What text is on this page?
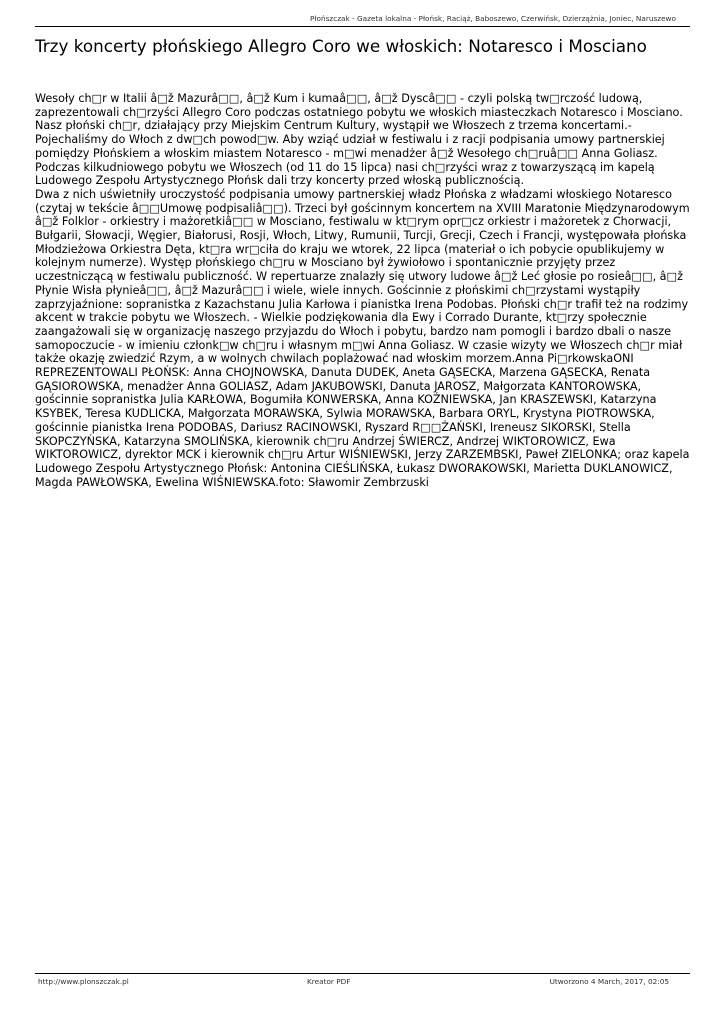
Płońszczak - Gazeta lokalna - Płońsk, Raciąż, Baboszewo, Czerwińsk, Dzierzążnia, Joniec, Naruszewo
Trzy koncerty płońskiego Allegro Coro we włoskich: Notaresco i Mosciano

Wesoły ch□r w Italii â□ž Mazurâ□□, â□ž Kum i kumaâ□□, â□ž Dyscâ□□ - czyli polską tw□rczość ludową, zaprezentowali ch□rzyści Allegro Coro podczas ostatniego pobytu we włoskich miasteczkach Notaresco i Mosciano. Nasz płoński ch□r, działający przy Miejskim Centrum Kultury, wystąpił we Włoszech z trzema koncertami.- Pojechaliśmy do Włoch z dw□ch powod□w. Aby wziąć udział w festiwalu i z racji podpisania umowy partnerskiej pomiędzy Płońskiem a włoskim miastem Notaresco - m□wi menadżer â□ž Wesołego ch□ruâ□□ Anna Goliasz. Podczas kilkudniowego pobytu we Włoszech (od 11 do 15 lipca) nasi ch□rzyści wraz z towarzyszącą im kapelą Ludowego Zespołu Artystycznego Płońsk dali trzy koncerty przed włoską publicznością.

Dwa z nich uświetniły uroczystość podpisania umowy partnerskiej władz Płońska z władzami włoskiego Notaresco (czytaj w tekście â□□Umowę podpisaliâ□□). Trzeci był gościnnym koncertem na XVIII Maratonie Międzynarodowym â□ž Folklor - orkiestry i mażoretkiâ□□ w Mosciano, festiwalu w kt□rym opr□cz orkiestr i mażoretek z Chorwacji, Bułgarii, Słowacji, Węgier, Białorusi, Rosji, Włoch, Litwy, Rumunii, Turcji, Grecji, Czech i Francji, występowała płońska Młodzieżowa Orkiestra Dęta, kt□ra wr□ciła do kraju we wtorek, 22 lipca (materiał o ich pobycie opublikujemy w kolejnym numerze). Występ płońskiego ch□ru w Mosciano był żywiołowo i spontanicznie przyjęty przez uczestniczącą w festiwalu publiczność. W repertuarze znalazły się utwory ludowe â□ž Leć głosie po rosieâ□□, â□ž Płynie Wisła płynieâ□□, â□ž Mazurâ□□ i wiele, wiele innych. Gościnnie z płońskimi ch□rzystami wystąpiły zaprzyjaźnione: sopranistka z Kazachstanu Julia Karłowa i pianistka Irena Podobas. Płoński ch□r trafił też na rodzimy akcent w trakcie pobytu we Włoszech. - Wielkie podziękowania dla Ewy i Corrado Durante, kt□rzy społecznie zaangażowali się w organizację naszego przyjazdu do Włoch i pobytu, bardzo nam pomogli i bardzo dbali o nasze samopoczucie - w imieniu członk□w ch□ru i własnym m□wi Anna Goliasz. W czasie wizyty we Włoszech ch□r miał także okazję zwiedzić Rzym, a w wolnych chwilach poplażować nad włoskim morzem.Anna Pi□rkowskaONI REPREZENTOWALI PŁOŃSK: Anna CHOJNOWSKA, Danuta DUDEK, Aneta GĄSECKA, Marzena GĄSECKA, Renata GĄSIOROWSKA, menadżer Anna GOLIASZ, Adam JAKUBOWSKI, Danuta JAROSZ, Małgorzata KANTOROWSKA, gościnnie sopranistka Julia KARŁOWA, Bogumiła KONWERSKA, Anna KOŹNIEWSKA, Jan KRASZEWSKI, Katarzyna KSYBEK, Teresa KUDLICKA, Małgorzata MORAWSKA, Sylwia MORAWSKA, Barbara ORYL, Krystyna PIOTROWSKA, gościnnie pianistka Irena PODOBAS, Dariusz RACINOWSKI, Ryszard R□□ŻAŃSKI, Ireneusz SIKORSKI, Stella SKOPCZYŃSKA, Katarzyna SMOLIŃSKA, kierownik ch□ru Andrzej ŚWIERCZ, Andrzej WIKTOROWICZ, Ewa WIKTOROWICZ, dyrektor MCK i kierownik ch□ru Artur WIŚNIEWSKI, Jerzy ZARZEMBSKI, Paweł ZIELONKA; oraz kapela Ludowego Zespołu Artystycznego Płońsk: Antonina CIEŚLIŃSKA, Łukasz DWORAKOWSKI, Marietta DUKLANOWICZ, Magda PAWŁOWSKA, Ewelina WIŚNIEWSKA.foto: Sławomir Zembrzuski

http://www.plonszczak.pl	Kreator PDF	Utworzono 4 March, 2017, 02:05
